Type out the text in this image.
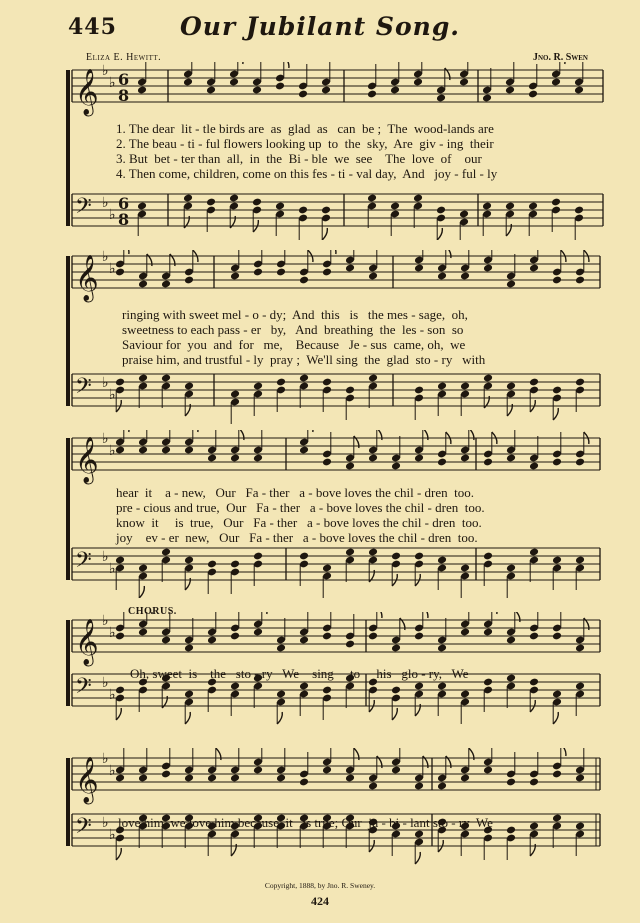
445	Our Jubilant Song.
Eliza E. Hewitt.	Jno. R. Swen
𝄞 ♭
♭ 6
8
𝄢 ♭
♭
6
8
𝄞 ♭
♭
𝄢 ♭
♭
𝄞 ♭
♭
𝄢 ♭
♭
𝄞 ♭
♭
𝄢 ♭
♭
𝄞 ♭
♭
𝄢 ♭
♭
1. The dear  lit - tle birds are  as  glad  as   can  be ;  The  wood-lands are
2. The beau - ti - ful flowers looking up  to  the  sky,  Are  giv - ing  their
3. But  bet - ter than  all,  in  the  Bi - ble  we  see    The  love  of    our
4. Then come, children, come on this fes - ti - val day,  And   joy - ful - ly
ringing with sweet mel - o - dy;  And  this   is   the mes - sage,  oh,
sweetness to each pass - er   by,   And  breathing  the  les - son  so
Saviour for  you  and  for   me,    Because   Je - sus  came, oh,  we
praise him, and trustful - ly  pray ;  We'll sing  the  glad  sto - ry   with
hear  it    a - new,   Our   Fa - ther   a - bove loves the chil - dren  too.
pre - cious and true,  Our   Fa - ther   a - bove loves the chil - dren  too.
know  it     is  true,   Our   Fa - ther   a - bove loves the chil - dren  too.
joy    ev - er  new,   Our   Fa - ther   a - bove loves the chil - dren  too.
CHORUS.
Oh, sweet  is    the   sto - ry   We    sing     to     his   glo - ry,   We
love him, we love him because  it   is true; Our  ju - bi - lant sto - ry  We
Copyright, 1888, by Jno. R. Sweney.
424
